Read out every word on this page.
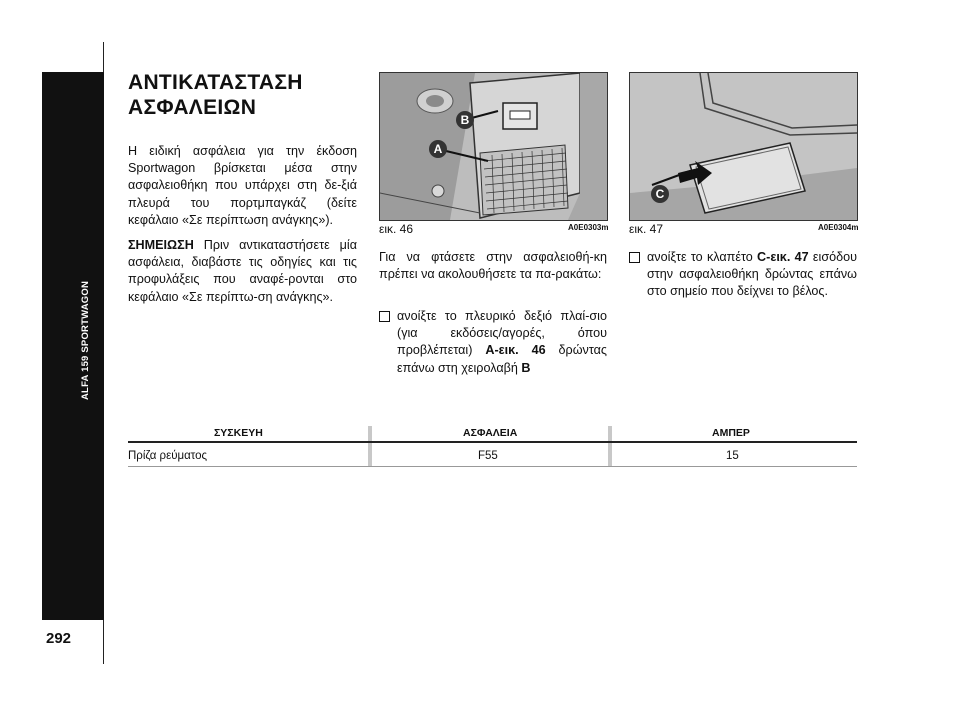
ALFA 159 SPORTWAGON
292
ΑΝΤΙΚΑΤΑΣΤΑΣΗ
ΑΣΦΑΛΕΙΩΝ
Η ειδική ασφάλεια για την έκδοση Sportwagon βρίσκεται μέσα στην ασφαλειοθήκη που υπάρχει στη δε-ξιά πλευρά του πορτμπαγκάζ (δείτε κεφάλαιο «Σε περίπτωση ανάγκης»).
ΣΗΜΕΙΩΣΗ Πριν αντικαταστήσετε μία ασφάλεια, διαβάστε τις οδηγίες και τις προφυλάξεις που αναφέ-ρονται στο κεφάλαιο «Σε περίπτω-ση ανάγκης».
B
A
εικ. 46	A0E0303m
C
εικ. 47	A0E0304m
Για να φτάσετε στην ασφαλειοθή-κη πρέπει να ακολουθήσετε τα πα-ρακάτω:
ανοίξτε το πλευρικό δεξιό πλαί-σιο (για εκδόσεις/αγορές, όπου προβλέπεται) Α-εικ. 46 δρώντας επάνω στη χειρολαβή Β
ανοίξτε το κλαπέτο C-εικ. 47 εισόδου στην ασφαλειοθήκη δρώντας επάνω στο σημείο που δείχνει το βέλος.
ΣΥΣΚΕΥΗ	ΑΣΦΑΛΕΙΑ	ΑΜΠΕΡ
Πρίζα ρεύματος	F55	15
